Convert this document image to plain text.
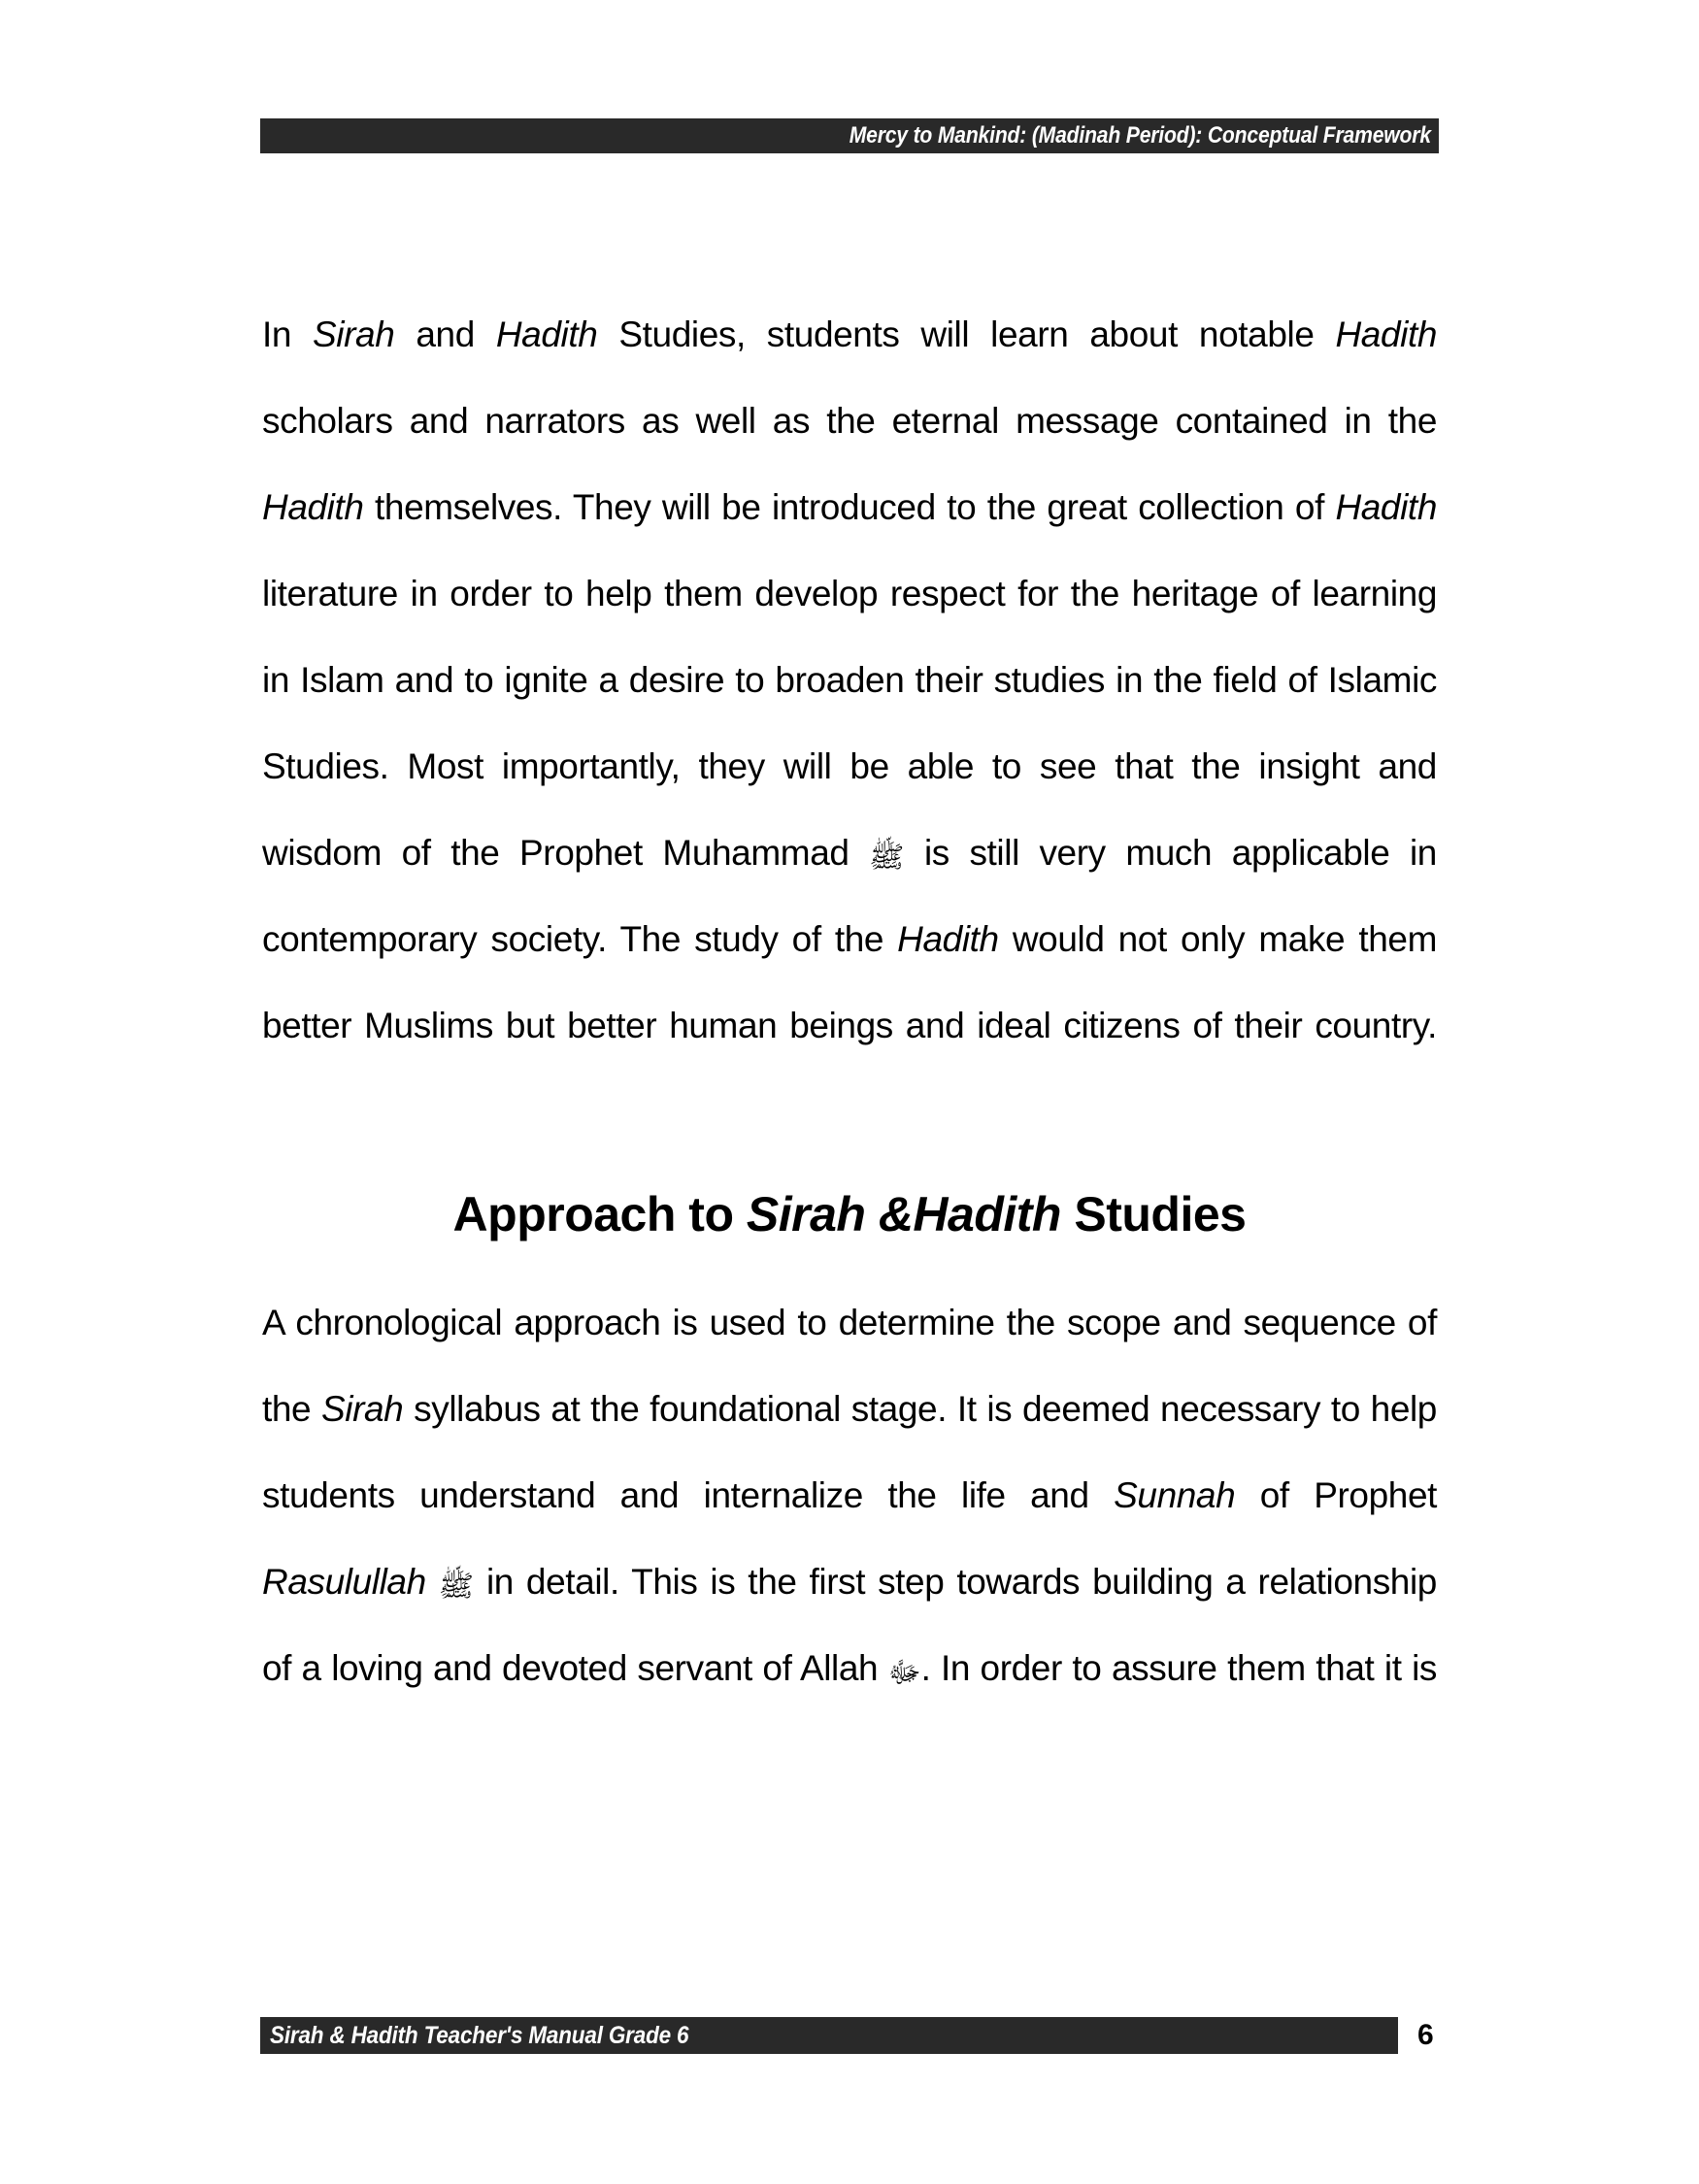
Mercy to Mankind: (Madinah Period): Conceptual Framework

In Sirah and Hadith Studies, students will learn about notable Hadith scholars and narrators as well as the eternal message contained in the Hadith themselves. They will be introduced to the great collection of Hadith literature in order to help them develop respect for the heritage of learning in Islam and to ignite a desire to broaden their studies in the field of Islamic Studies. Most importantly, they will be able to see that the insight and wisdom of the Prophet Muhammad ﷺ is still very much applicable in contemporary society. The study of the Hadith would not only make them better Muslims but better human beings and ideal citizens of their country.

Approach to Sirah &Hadith Studies

A chronological approach is used to determine the scope and sequence of the Sirah syllabus at the foundational stage. It is deemed necessary to help students understand and internalize the life and Sunnah of Prophet Rasulullah ﷺ in detail. This is the first step towards building a relationship of a loving and devoted servant of Allah ﷻ. In order to assure them that it is

Sirah & Hadith Teacher's Manual Grade 6	6
